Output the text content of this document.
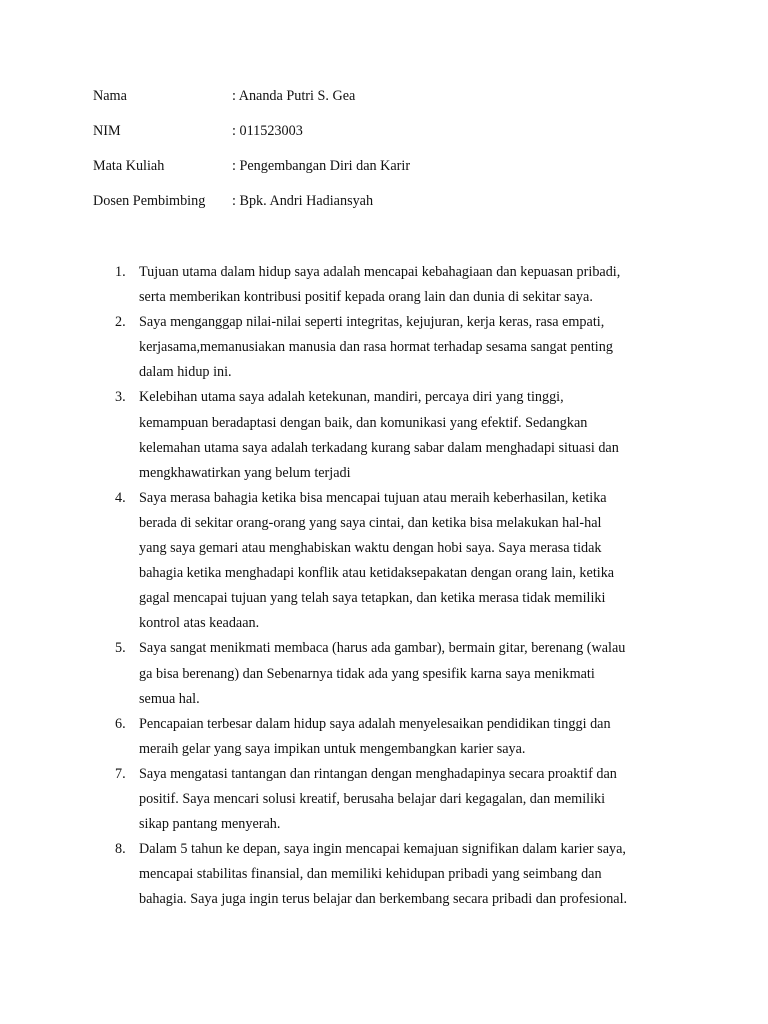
Nama	: Ananda Putri S. Gea
NIM	: 011523003
Mata Kuliah	: Pengembangan Diri dan Karir
Dosen Pembimbing	: Bpk. Andri Hadiansyah
1. Tujuan utama dalam hidup saya adalah mencapai kebahagiaan dan kepuasan pribadi,
serta memberikan kontribusi positif kepada orang lain dan dunia di sekitar saya.
2. Saya menganggap nilai-nilai seperti integritas, kejujuran, kerja keras, rasa empati,
kerjasama,memanusiakan manusia dan rasa hormat terhadap sesama sangat penting
dalam hidup ini.
3. Kelebihan utama saya adalah ketekunan, mandiri, percaya diri yang tinggi,
kemampuan beradaptasi dengan baik, dan komunikasi yang efektif. Sedangkan
kelemahan utama saya adalah terkadang kurang sabar dalam menghadapi situasi dan
mengkhawatirkan yang belum terjadi
4. Saya merasa bahagia ketika bisa mencapai tujuan atau meraih keberhasilan, ketika
berada di sekitar orang-orang yang saya cintai, dan ketika bisa melakukan hal-hal
yang saya gemari atau menghabiskan waktu dengan hobi saya. Saya merasa tidak
bahagia ketika menghadapi konflik atau ketidaksepakatan dengan orang lain, ketika
gagal mencapai tujuan yang telah saya tetapkan, dan ketika merasa tidak memiliki
kontrol atas keadaan.
5. Saya sangat menikmati membaca (harus ada gambar), bermain gitar, berenang (walau
ga bisa berenang) dan Sebenarnya tidak ada yang spesifik karna saya menikmati
semua hal.
6. Pencapaian terbesar dalam hidup saya adalah menyelesaikan pendidikan tinggi dan
meraih gelar yang saya impikan untuk mengembangkan karier saya.
7. Saya mengatasi tantangan dan rintangan dengan menghadapinya secara proaktif dan
positif. Saya mencari solusi kreatif, berusaha belajar dari kegagalan, dan memiliki
sikap pantang menyerah.
8. Dalam 5 tahun ke depan, saya ingin mencapai kemajuan signifikan dalam karier saya,
mencapai stabilitas finansial, dan memiliki kehidupan pribadi yang seimbang dan
bahagia. Saya juga ingin terus belajar dan berkembang secara pribadi dan profesional.
